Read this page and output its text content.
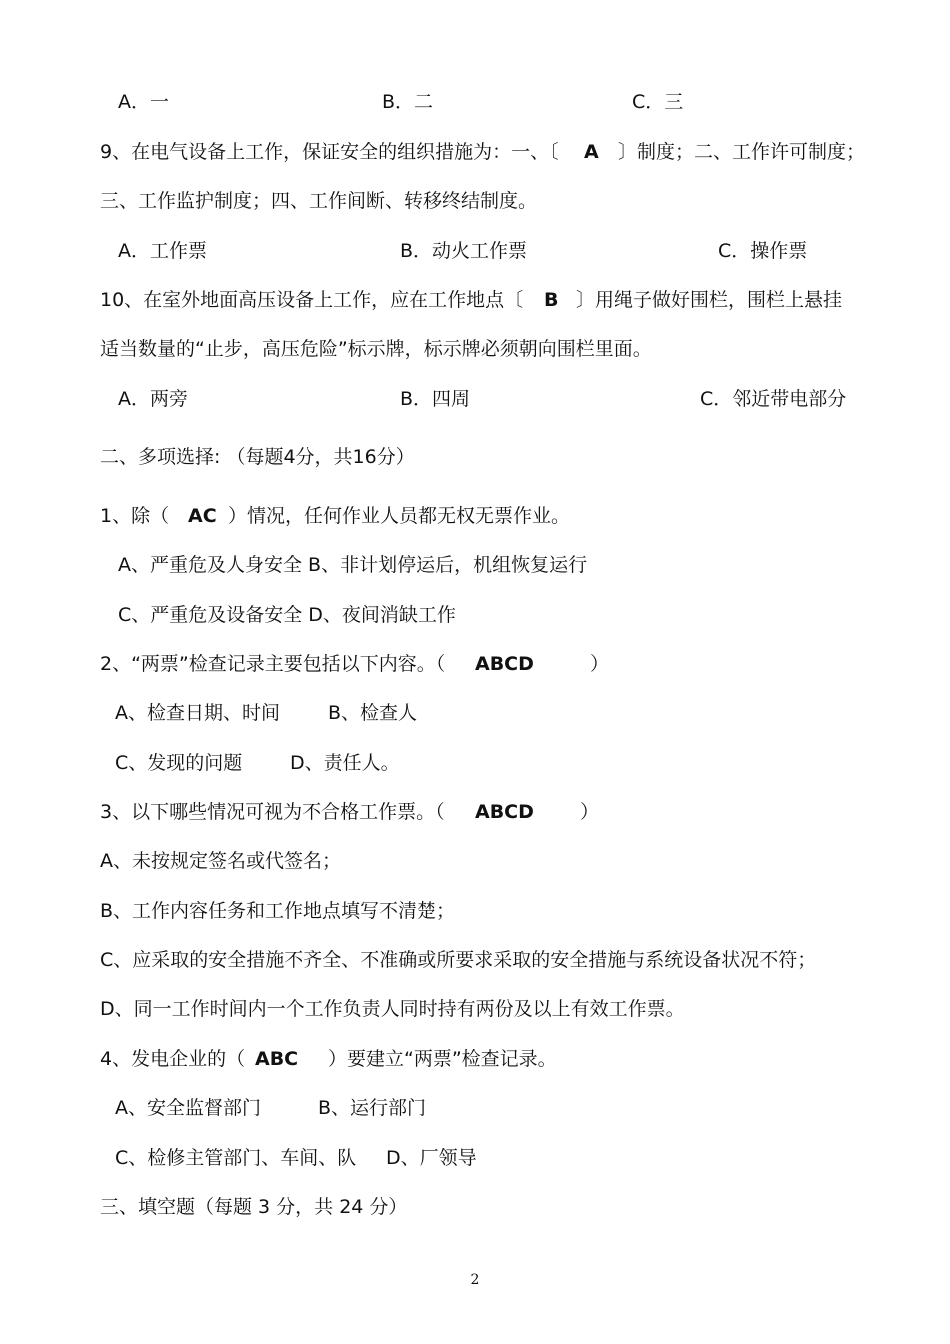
A．一	B．二	C．三
9、在电气设备上工作，保证安全的组织措施为：一、〔 A 〕制度；二、工作许可制度；
三、工作监护制度；四、工作间断、转移终结制度。
A．工作票	B．动火工作票	C．操作票
10、在室外地面高压设备上工作，应在工作地点〔 B 〕用绳子做好围栏，围栏上悬挂
适当数量的“止步，高压危险”标示牌，标示牌必须朝向围栏里面。
A．两旁	B．四周	C．邻近带电部分
二、多项选择: （每题4分，共16分）
1、除（ AC ）情况，任何作业人员都无权无票作业。
A、严重危及人身安全 B、非计划停运后，机组恢复运行
C、严重危及设备安全 D、夜间消缺工作
2、“两票”检查记录主要包括以下内容。（ ABCD	）
A、检查日期、时间	B、检查人
C、发现的问题	D、责任人。
3、以下哪些情况可视为不合格工作票。（ ABCD ）
A、未按规定签名或代签名；
B、工作内容任务和工作地点填写不清楚；
C、应采取的安全措施不齐全、不准确或所要求采取的安全措施与系统设备状况不符；
D、同一工作时间内一个工作负责人同时持有两份及以上有效工作票。
4、发电企业的（ ABC ）要建立“两票”检查记录。
A、安全监督部门	B、运行部门
C、检修主管部门、车间、队 D、厂领导
三、填空题（每题 3 分，共 24 分）
2
